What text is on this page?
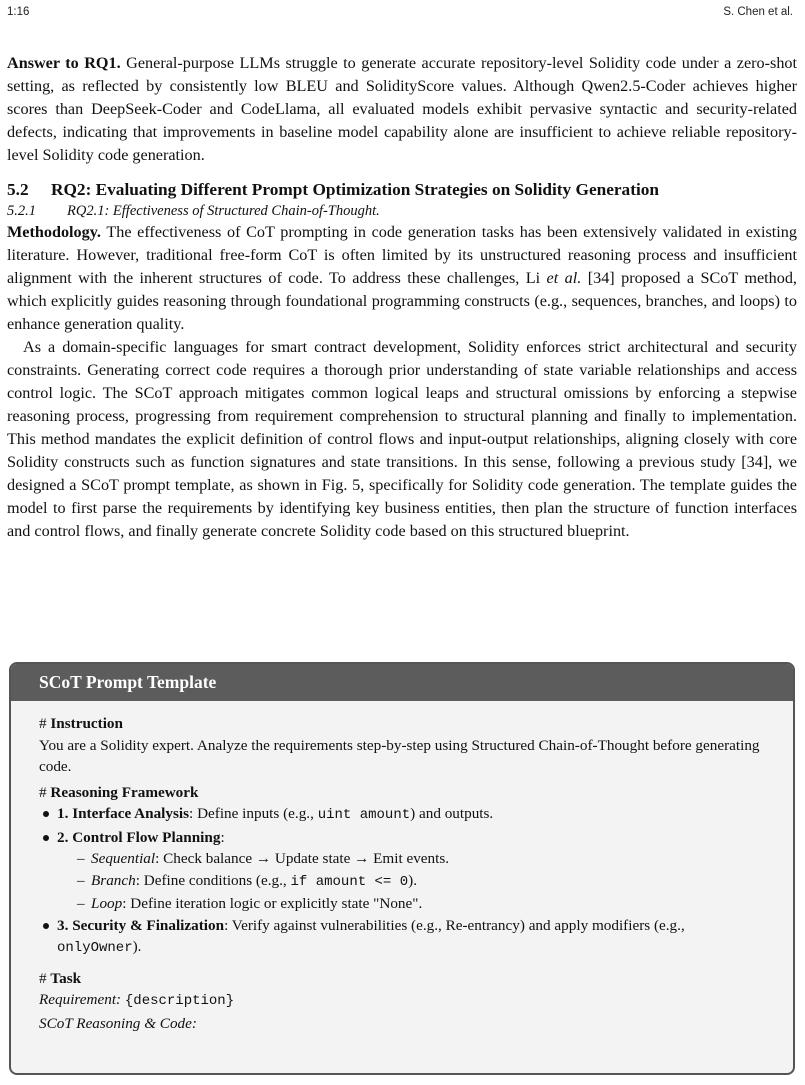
1:16	S. Chen et al.

Answer to RQ1. General-purpose LLMs struggle to generate accurate repository-level Solidity code under a zero-shot setting, as reflected by consistently low BLEU and SolidityScore values. Although Qwen2.5-Coder achieves higher scores than DeepSeek-Coder and CodeLlama, all evaluated models exhibit pervasive syntactic and security-related defects, indicating that improvements in baseline model capability alone are insufficient to achieve reliable repository-level Solidity code generation.

5.2 RQ2: Evaluating Different Prompt Optimization Strategies on Solidity Generation
5.2.1 RQ2.1: Effectiveness of Structured Chain-of-Thought.

Methodology. The effectiveness of CoT prompting in code generation tasks has been extensively validated in existing literature. However, traditional free-form CoT is often limited by its unstructured reasoning process and insufficient alignment with the inherent structures of code. To address these challenges, Li et al. [34] proposed a SCoT method, which explicitly guides reasoning through foundational programming constructs (e.g., sequences, branches, and loops) to enhance generation quality.

As a domain-specific languages for smart contract development, Solidity enforces strict architectural and security constraints. Generating correct code requires a thorough prior understanding of state variable relationships and access control logic. The SCoT approach mitigates common logical leaps and structural omissions by enforcing a stepwise reasoning process, progressing from requirement comprehension to structural planning and finally to implementation. This method mandates the explicit definition of control flows and input-output relationships, aligning closely with core Solidity constructs such as function signatures and state transitions. In this sense, following a previous study [34], we designed a SCoT prompt template, as shown in Fig. 5, specifically for Solidity code generation. The template guides the model to first parse the requirements by identifying key business entities, then plan the structure of function interfaces and control flows, and finally generate concrete Solidity code based on this structured blueprint.

SCoT Prompt Template
# Instruction
You are a Solidity expert. Analyze the requirements step-by-step using Structured Chain-of-Thought before generating code.
# Reasoning Framework
1. Interface Analysis: Define inputs (e.g., uint amount) and outputs.
2. Control Flow Planning:
– Sequential: Check balance → Update state → Emit events.
– Branch: Define conditions (e.g., if amount <= 0).
– Loop: Define iteration logic or explicitly state "None".
3. Security & Finalization: Verify against vulnerabilities (e.g., Re-entrancy) and apply modifiers (e.g., onlyOwner).
# Task
Requirement: {description}
SCoT Reasoning & Code:
